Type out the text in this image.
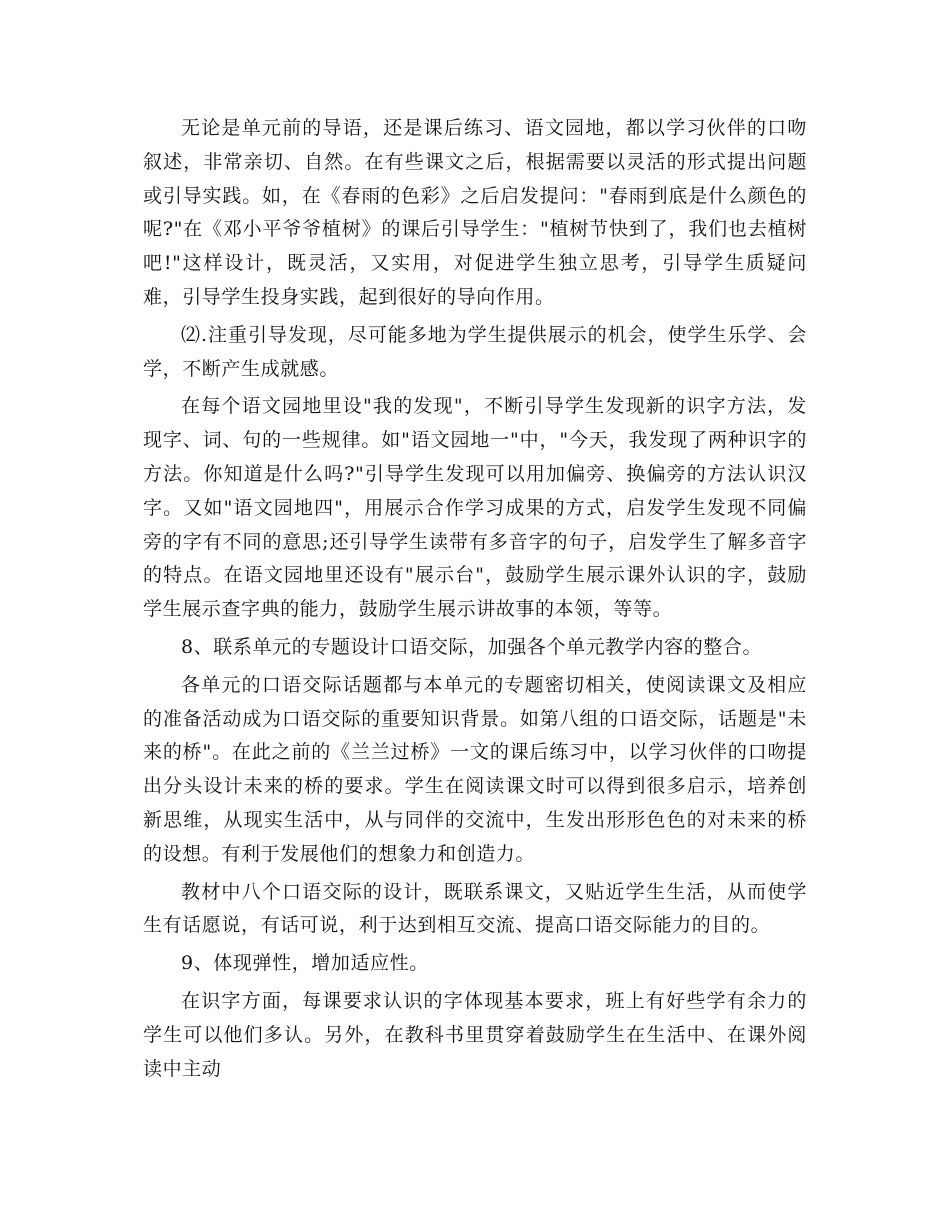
无论是单元前的导语，还是课后练习、语文园地，都以学习伙伴的口吻叙述，非常亲切、自然。在有些课文之后，根据需要以灵活的形式提出问题或引导实践。如，在《春雨的色彩》之后启发提问："春雨到底是什么颜色的呢?"在《邓小平爷爷植树》的课后引导学生："植树节快到了，我们也去植树吧!"这样设计，既灵活，又实用，对促进学生独立思考，引导学生质疑问难，引导学生投身实践，起到很好的导向作用。

⑵.注重引导发现，尽可能多地为学生提供展示的机会，使学生乐学、会学，不断产生成就感。

在每个语文园地里设"我的发现"，不断引导学生发现新的识字方法，发现字、词、句的一些规律。如"语文园地一"中，"今天，我发现了两种识字的方法。你知道是什么吗?"引导学生发现可以用加偏旁、换偏旁的方法认识汉字。又如"语文园地四"，用展示合作学习成果的方式，启发学生发现不同偏旁的字有不同的意思;还引导学生读带有多音字的句子，启发学生了解多音字的特点。在语文园地里还设有"展示台"，鼓励学生展示课外认识的字，鼓励学生展示查字典的能力，鼓励学生展示讲故事的本领，等等。

8、联系单元的专题设计口语交际，加强各个单元教学内容的整合。

各单元的口语交际话题都与本单元的专题密切相关，使阅读课文及相应的准备活动成为口语交际的重要知识背景。如第八组的口语交际，话题是"未来的桥"。在此之前的《兰兰过桥》一文的课后练习中，以学习伙伴的口吻提出分头设计未来的桥的要求。学生在阅读课文时可以得到很多启示，培养创新思维，从现实生活中，从与同伴的交流中，生发出形形色色的对未来的桥的设想。有利于发展他们的想象力和创造力。

教材中八个口语交际的设计，既联系课文，又贴近学生生活，从而使学生有话愿说，有话可说，利于达到相互交流、提高口语交际能力的目的。

9、体现弹性，增加适应性。

在识字方面，每课要求认识的字体现基本要求，班上有好些学有余力的学生可以他们多认。另外，在教科书里贯穿着鼓励学生在生活中、在课外阅读中主动
